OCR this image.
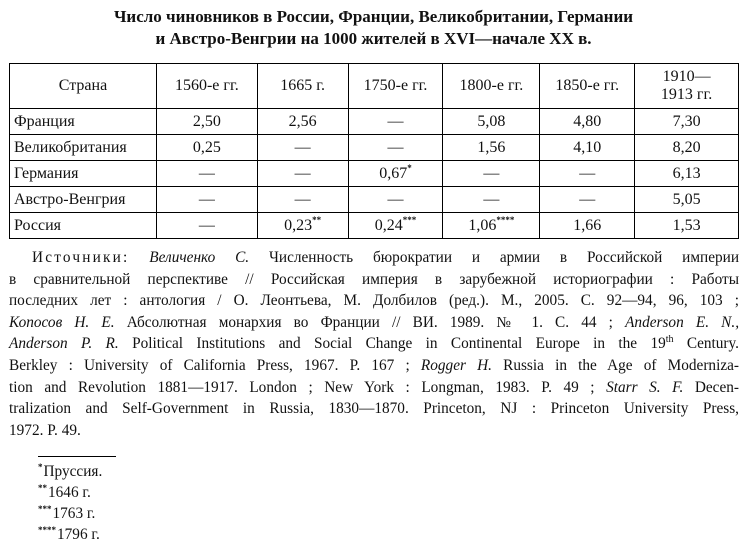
Число чиновников в России, Франции, Великобритании, Германии
и Австро-Венгрии на 1000 жителей в XVI—начале XX в.
Страна	1560-е гг.	1665 г.	1750-е гг.	1800-е гг.	1850-е гг.	1910—
1913 гг.
Франция	2,50	2,56	—	5,08	4,80	7,30
Великобритания	0,25	—	—	1,56	4,10	8,20
Германия	—	—	0,67*	—	—	6,13
Австро-Венгрия	—	—	—	—	—	5,05
Россия	—	0,23**	0,24***	1,06****	1,66	1,53
  Источники: Величенко С. Численность бюрократии и армии в Российской империи
в сравнительной перспективе // Российская империя в зарубежной историографии : Работы
последних лет : антология / О. Леонтьева, М. Долбилов (ред.). М., 2005. С. 92—94, 96, 103 ;
Копосов Н. Е. Абсолютная монархия во Франции // ВИ. 1989. № 1. С. 44 ; Anderson E. N.,
Anderson P. R. Political Institutions and Social Change in Continental Europe in the 19th Century.
Berkley : University of California Press, 1967. P. 167 ; Rogger H. Russia in the Age of Moderniza-
tion and Revolution 1881—1917. London ; New York : Longman, 1983. P. 49 ; Starr S. F. Decen-
tralization and Self-Government in Russia, 1830—1870. Princeton, NJ : Princeton University Press,
1972. P. 49.
*Пруссия.
**1646 г.
***1763 г.
****1796 г.
